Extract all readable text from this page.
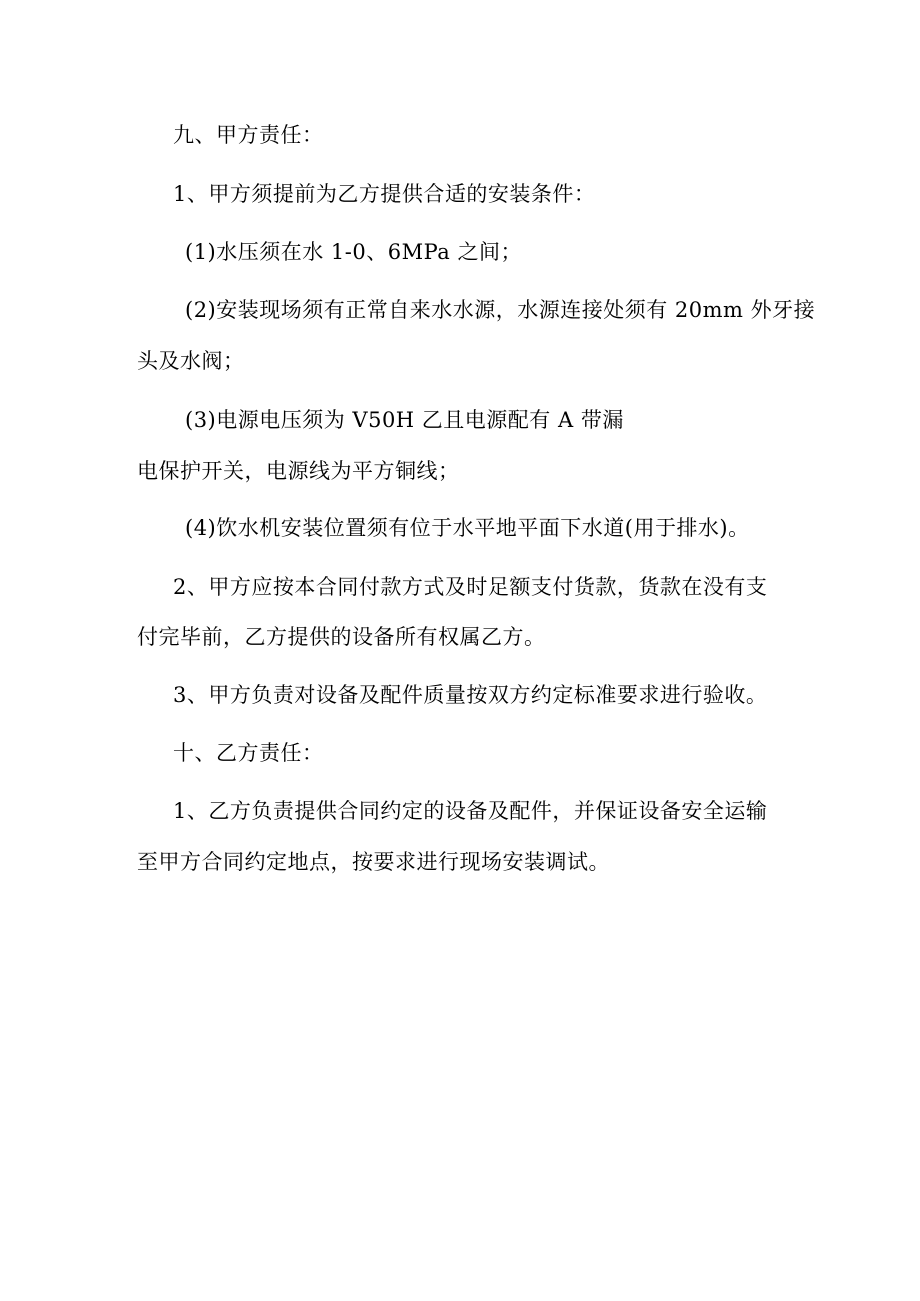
九、甲方责任：
1、甲方须提前为乙方提供合适的安装条件：
(1)水压须在水 1-0、6MPa 之间；
(2)安装现场须有正常自来水水源，水源连接处须有 20mm 外牙接
头及水阀；
(3)电源电压须为 V50H 乙且电源配有 A 带漏
电保护开关，电源线为平方铜线；
(4)饮水机安装位置须有位于水平地平面下水道(用于排水)。
2、甲方应按本合同付款方式及时足额支付货款，货款在没有支
付完毕前，乙方提供的设备所有权属乙方。
3、甲方负责对设备及配件质量按双方约定标准要求进行验收。
十、乙方责任：
1、乙方负责提供合同约定的设备及配件，并保证设备安全运输
至甲方合同约定地点，按要求进行现场安装调试。
